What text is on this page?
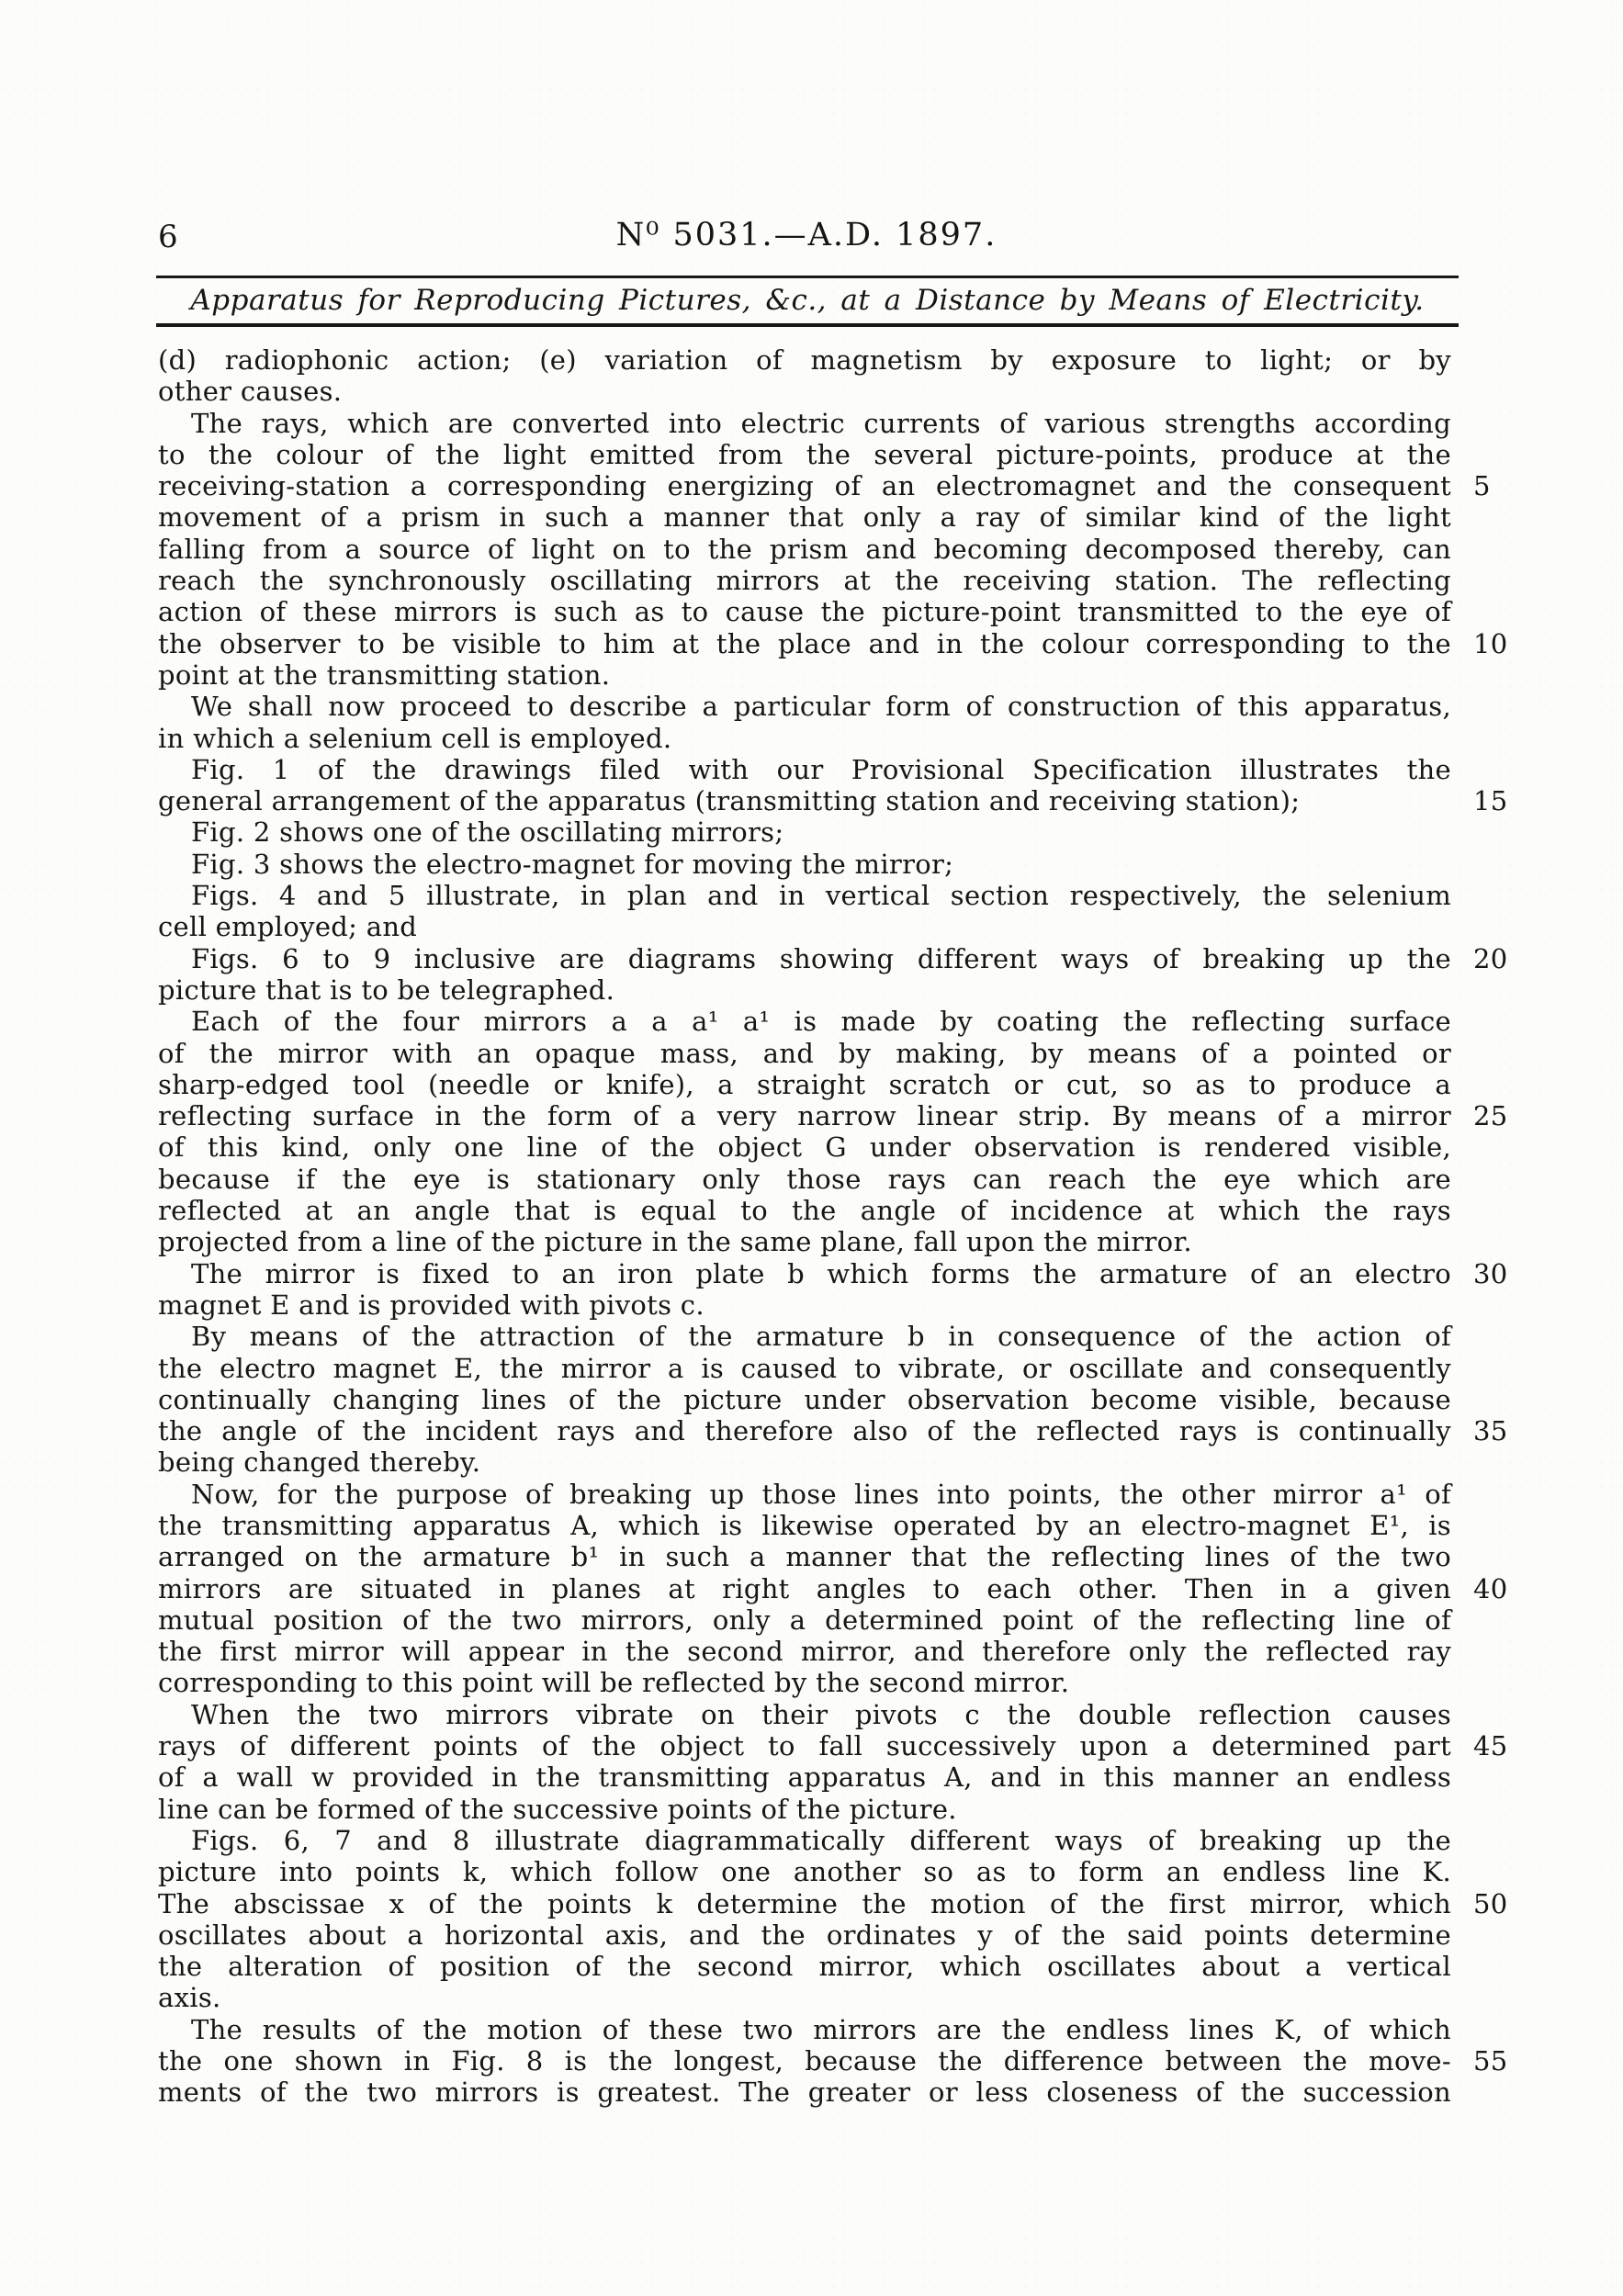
6	N⁰ 5031.—A.D. 1897.
Apparatus for Reproducing Pictures, &c., at a Distance by Means of Electricity.
(d) radiophonic action; (e) variation of magnetism by exposure to light; or by
other causes.
The rays, which are converted into electric currents of various strengths according
to the colour of the light emitted from the several picture-points, produce at the
receiving-station a corresponding energizing of an electromagnet and the consequent 5
movement of a prism in such a manner that only a ray of similar kind of the light
falling from a source of light on to the prism and becoming decomposed thereby, can
reach the synchronously oscillating mirrors at the receiving station. The reflecting
action of these mirrors is such as to cause the picture-point transmitted to the eye of
the observer to be visible to him at the place and in the colour corresponding to the 10
point at the transmitting station.
We shall now proceed to describe a particular form of construction of this apparatus,
in which a selenium cell is employed.
Fig. 1 of the drawings filed with our Provisional Specification illustrates the
general arrangement of the apparatus (transmitting station and receiving station);	15
Fig. 2 shows one of the oscillating mirrors;
Fig. 3 shows the electro-magnet for moving the mirror;
Figs. 4 and 5 illustrate, in plan and in vertical section respectively, the selenium
cell employed; and
Figs. 6 to 9 inclusive are diagrams showing different ways of breaking up the 20
picture that is to be telegraphed.
Each of the four mirrors a a a¹ a¹ is made by coating the reflecting surface
of the mirror with an opaque mass, and by making, by means of a pointed or
sharp-edged tool (needle or knife), a straight scratch or cut, so as to produce a
reflecting surface in the form of a very narrow linear strip. By means of a mirror 25
of this kind, only one line of the object G under observation is rendered visible,
because if the eye is stationary only those rays can reach the eye which are
reflected at an angle that is equal to the angle of incidence at which the rays
projected from a line of the picture in the same plane, fall upon the mirror.
The mirror is fixed to an iron plate b which forms the armature of an electro 30
magnet E and is provided with pivots c.
By means of the attraction of the armature b in consequence of the action of
the electro magnet E, the mirror a is caused to vibrate, or oscillate and consequently
continually changing lines of the picture under observation become visible, because
the angle of the incident rays and therefore also of the reflected rays is continually 35
being changed thereby.
Now, for the purpose of breaking up those lines into points, the other mirror a¹ of
the transmitting apparatus A, which is likewise operated by an electro-magnet E¹, is
arranged on the armature b¹ in such a manner that the reflecting lines of the two
mirrors are situated in planes at right angles to each other. Then in a given 40
mutual position of the two mirrors, only a determined point of the reflecting line of
the first mirror will appear in the second mirror, and therefore only the reflected ray
corresponding to this point will be reflected by the second mirror.
When the two mirrors vibrate on their pivots c the double reflection causes
rays of different points of the object to fall successively upon a determined part 45
of a wall w provided in the transmitting apparatus A, and in this manner an endless
line can be formed of the successive points of the picture.
Figs. 6, 7 and 8 illustrate diagrammatically different ways of breaking up the
picture into points k, which follow one another so as to form an endless line K.
The abscissae x of the points k determine the motion of the first mirror, which 50
oscillates about a horizontal axis, and the ordinates y of the said points determine
the alteration of position of the second mirror, which oscillates about a vertical
axis.
The results of the motion of these two mirrors are the endless lines K, of which
the one shown in Fig. 8 is the longest, because the difference between the move- 55
ments of the two mirrors is greatest. The greater or less closeness of the succession
